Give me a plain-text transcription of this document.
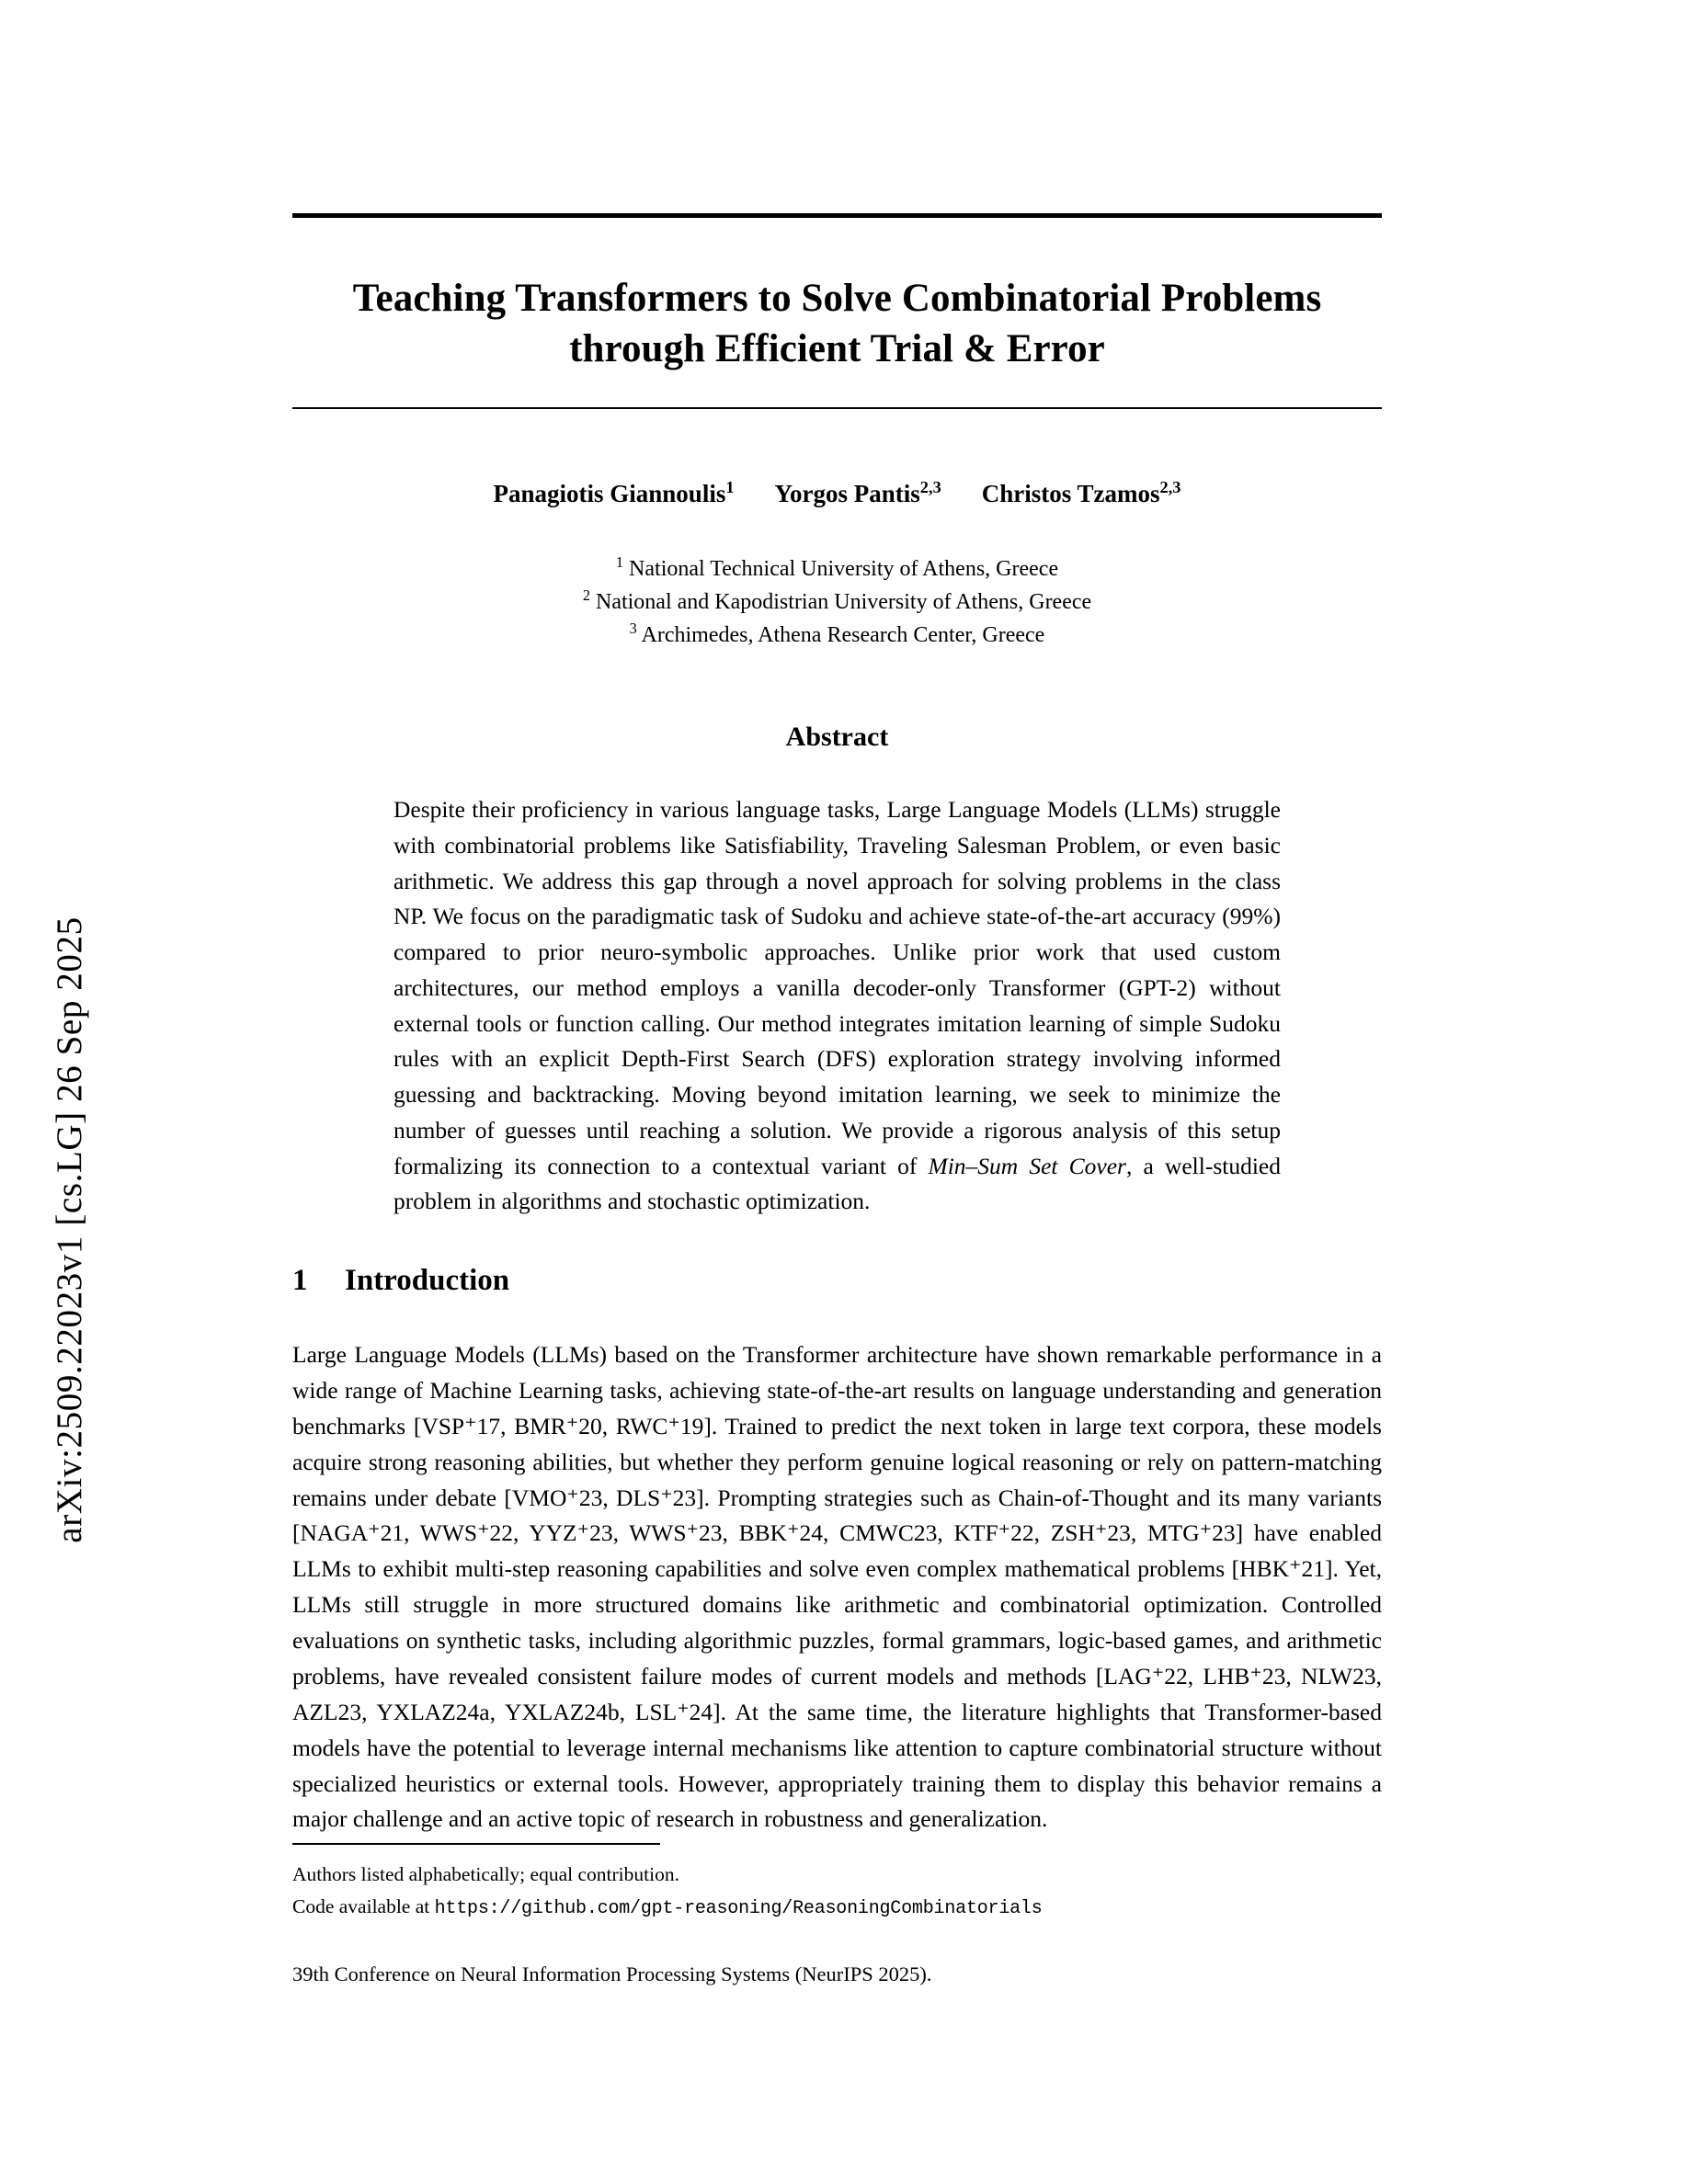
arXiv:2509.22023v1 [cs.LG] 26 Sep 2025
Teaching Transformers to Solve Combinatorial Problems through Efficient Trial & Error
Panagiotis Giannoulis$^1$ Yorgos Pantis$^{2,3}$ Christos Tzamos$^{2,3}$
$^1$ National Technical University of Athens, Greece
$^2$ National and Kapodistrian University of Athens, Greece
$^3$ Archimedes, Athena Research Center, Greece
Abstract
Despite their proficiency in various language tasks, Large Language Models (LLMs) struggle with combinatorial problems like Satisfiability, Traveling Salesman Problem, or even basic arithmetic. We address this gap through a novel approach for solving problems in the class NP. We focus on the paradigmatic task of Sudoku and achieve state-of-the-art accuracy (99%) compared to prior neuro-symbolic approaches. Unlike prior work that used custom architectures, our method employs a vanilla decoder-only Transformer (GPT-2) without external tools or function calling. Our method integrates imitation learning of simple Sudoku rules with an explicit Depth-First Search (DFS) exploration strategy involving informed guessing and backtracking. Moving beyond imitation learning, we seek to minimize the number of guesses until reaching a solution. We provide a rigorous analysis of this setup formalizing its connection to a contextual variant of Min–Sum Set Cover, a well-studied problem in algorithms and stochastic optimization.
1 Introduction
Large Language Models (LLMs) based on the Transformer architecture have shown remarkable performance in a wide range of Machine Learning tasks, achieving state-of-the-art results on language understanding and generation benchmarks [VSP⁺17, BMR⁺20, RWC⁺19]. Trained to predict the next token in large text corpora, these models acquire strong reasoning abilities, but whether they perform genuine logical reasoning or rely on pattern-matching remains under debate [VMO⁺23, DLS⁺23]. Prompting strategies such as Chain-of-Thought and its many variants [NAGA⁺21, WWS⁺22, YYZ⁺23, WWS⁺23, BBK⁺24, CMWC23, KTF⁺22, ZSH⁺23, MTG⁺23] have enabled LLMs to exhibit multi-step reasoning capabilities and solve even complex mathematical problems [HBK⁺21]. Yet, LLMs still struggle in more structured domains like arithmetic and combinatorial optimization. Controlled evaluations on synthetic tasks, including algorithmic puzzles, formal grammars, logic-based games, and arithmetic problems, have revealed consistent failure modes of current models and methods [LAG⁺22, LHB⁺23, NLW23, AZL23, YXLAZ24a, YXLAZ24b, LSL⁺24]. At the same time, the literature highlights that Transformer-based models have the potential to leverage internal mechanisms like attention to capture combinatorial structure without specialized heuristics or external tools. However, appropriately training them to display this behavior remains a major challenge and an active topic of research in robustness and generalization.
Authors listed alphabetically; equal contribution.
Code available at https://github.com/gpt-reasoning/ReasoningCombinatorials
39th Conference on Neural Information Processing Systems (NeurIPS 2025).
